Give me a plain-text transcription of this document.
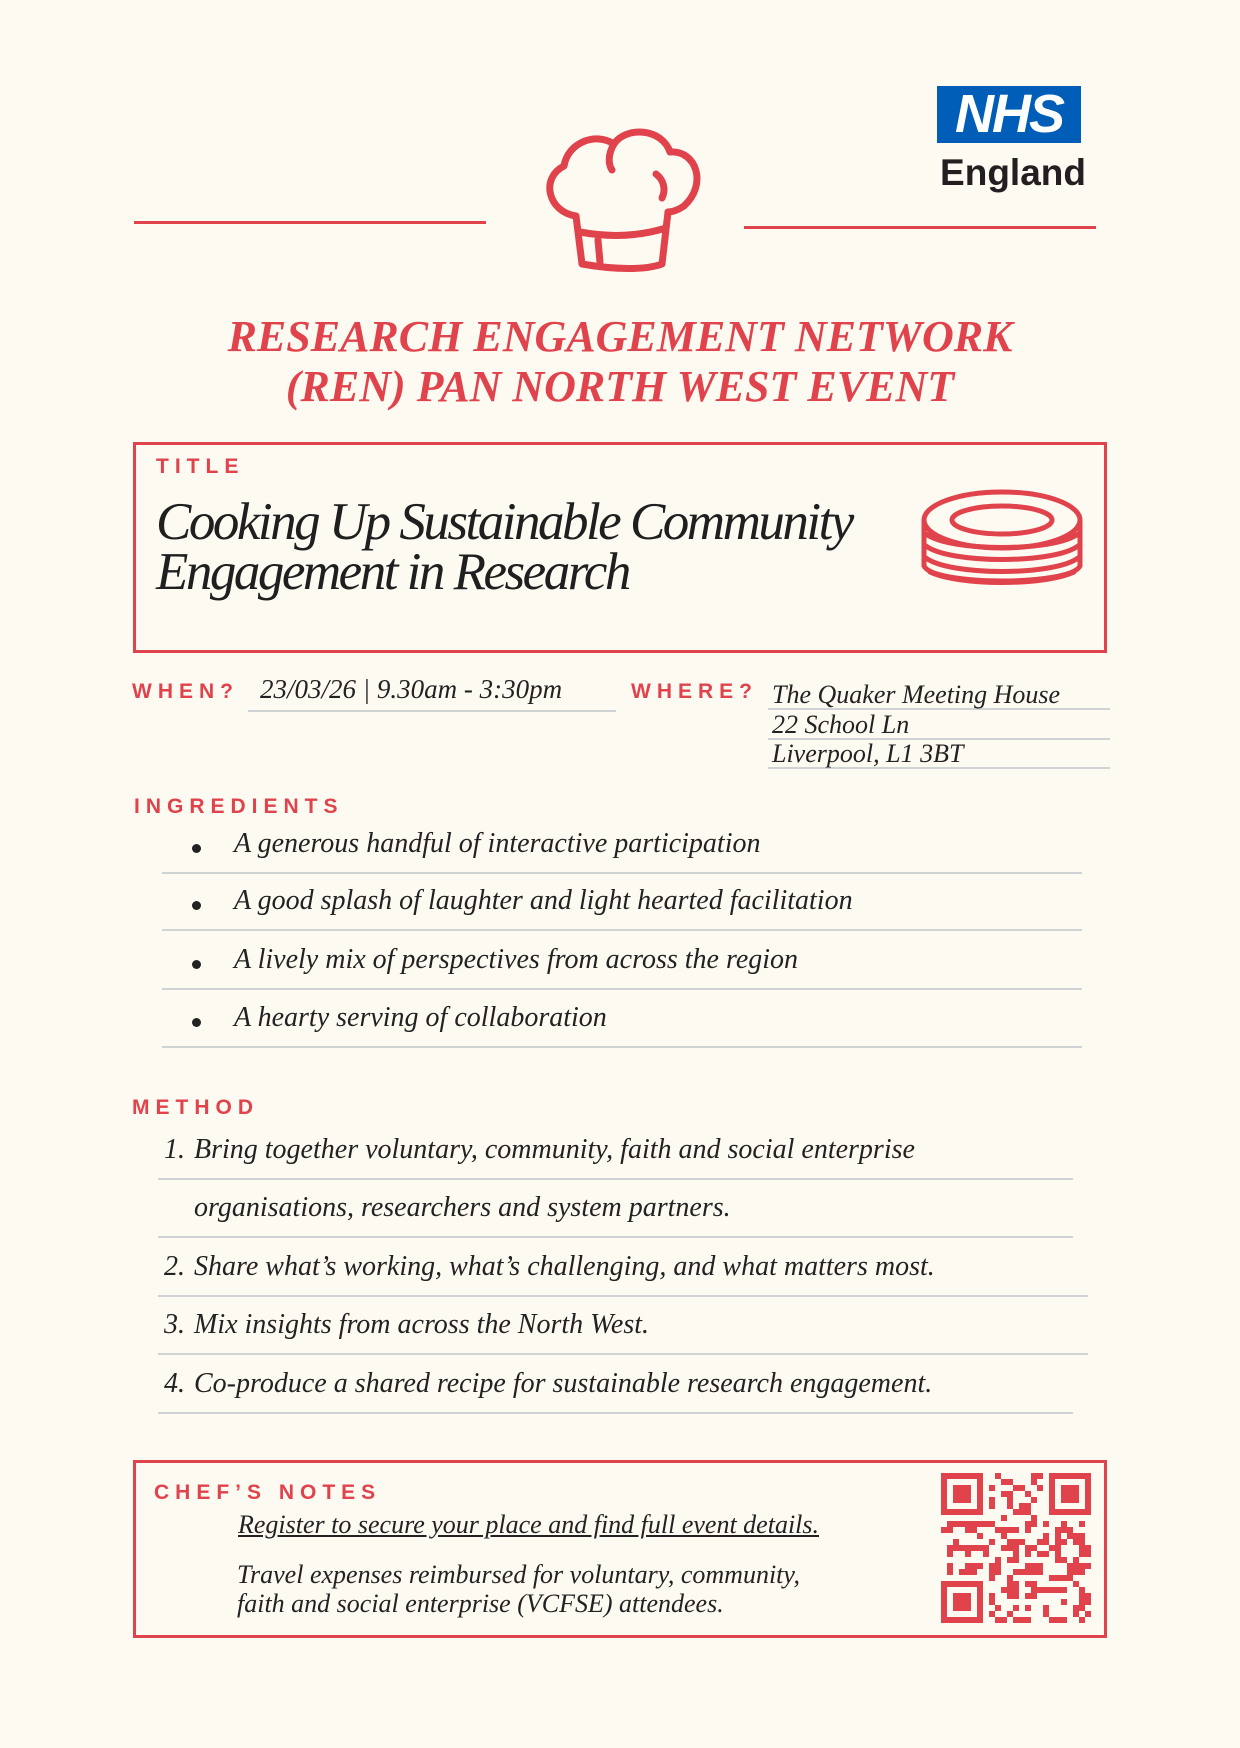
NHS
England
RESEARCH ENGAGEMENT NETWORK
(REN) PAN NORTH WEST EVENT
TITLE
Cooking Up Sustainable Community
Engagement in Research
WHEN? 23/03/26 | 9.30am - 3:30pm	WHERE? The Quaker Meeting House
22 School Ln
Liverpool, L1 3BT
INGREDIENTS
A generous handful of interactive participation
A good splash of laughter and light hearted facilitation
A lively mix of perspectives from across the region
A hearty serving of collaboration
METHOD
1. Bring together voluntary, community, faith and social enterprise
organisations, researchers and system partners.
2. Share what’s working, what’s challenging, and what matters most.
3. Mix insights from across the North West.
4. Co-produce a shared recipe for sustainable research engagement.
CHEF’S NOTES
Register to secure your place and find full event details.
Travel expenses reimbursed for voluntary, community,
faith and social enterprise (VCFSE) attendees.
